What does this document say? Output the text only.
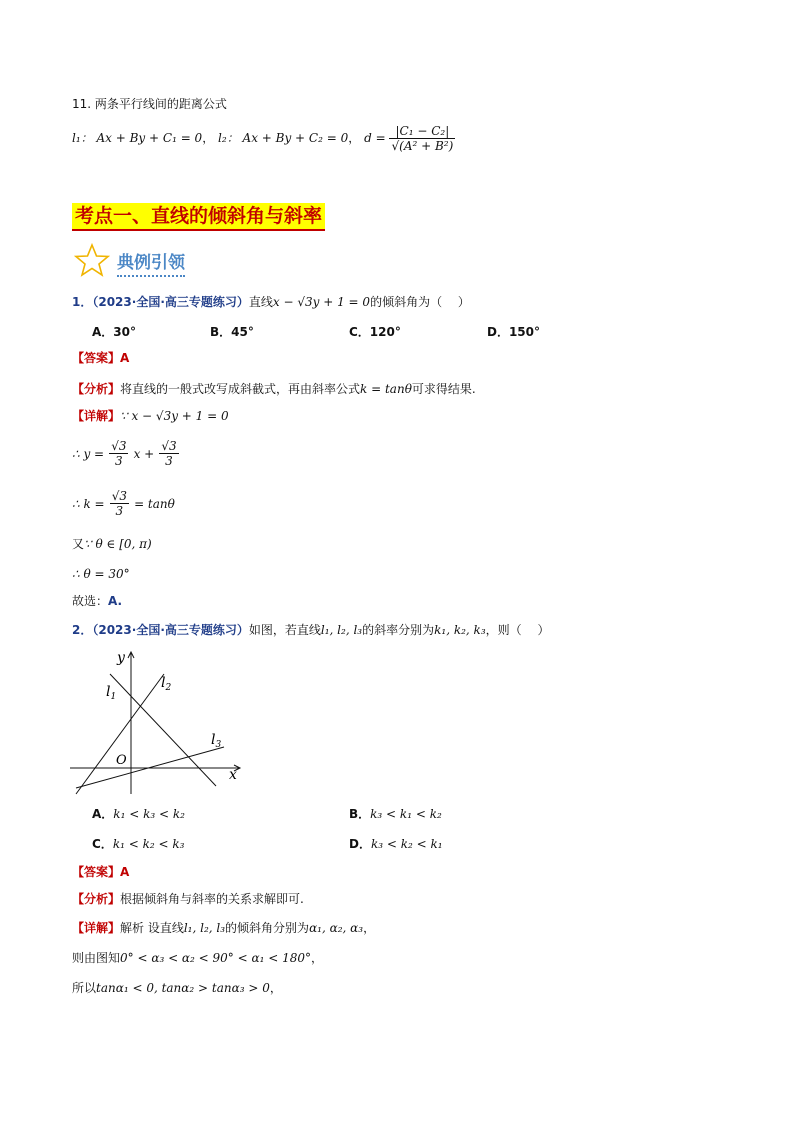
11. 两条平行线间的距离公式
l₁： Ax + By + C₁ = 0， l₂： Ax + By + C₂ = 0， $d = \frac{\text{|C₁ − C₂|}}{\text{√(A² + B²)}}$
考点一、直线的倾斜角与斜率
典例引领
1．（2023·全国·高三专题练习）直线x − √3y + 1 = 0的倾斜角为（　 ）
A．30°	B．45°	C．120°	D．150°
【答案】A
【分析】将直线的一般式改写成斜截式，再由斜率公式k = tanθ可求得结果.
【详解】∵ x − √3y + 1 = 0
∴ $y = \frac{√3}{3}$ $x + \frac{√3}{3}$
∴ $k = \frac{√3}{3} = \tan\theta$
又∵ θ ∈ [0, π)
∴ θ = 30°
故选：A.
2．（2023·全国·高三专题练习）如图，若直线l₁, l₂, l₃的斜率分别为k₁, k₂, k₃，则（　 ）
y
x
O
$l_1$
$l_2$
$l_3$
A．k₁ < k₃ < k₂	B．k₃ < k₁ < k₂
C．k₁ < k₂ < k₃	D．k₃ < k₂ < k₁
【答案】A
【分析】根据倾斜角与斜率的关系求解即可.
【详解】解析 设直线l₁, l₂, l₃的倾斜角分别为α₁, α₂, α₃，
则由图知0° < α₃ < α₂ < 90° < α₁ < 180°，
所以tanα₁ < 0, tanα₂ > tanα₃ > 0，
